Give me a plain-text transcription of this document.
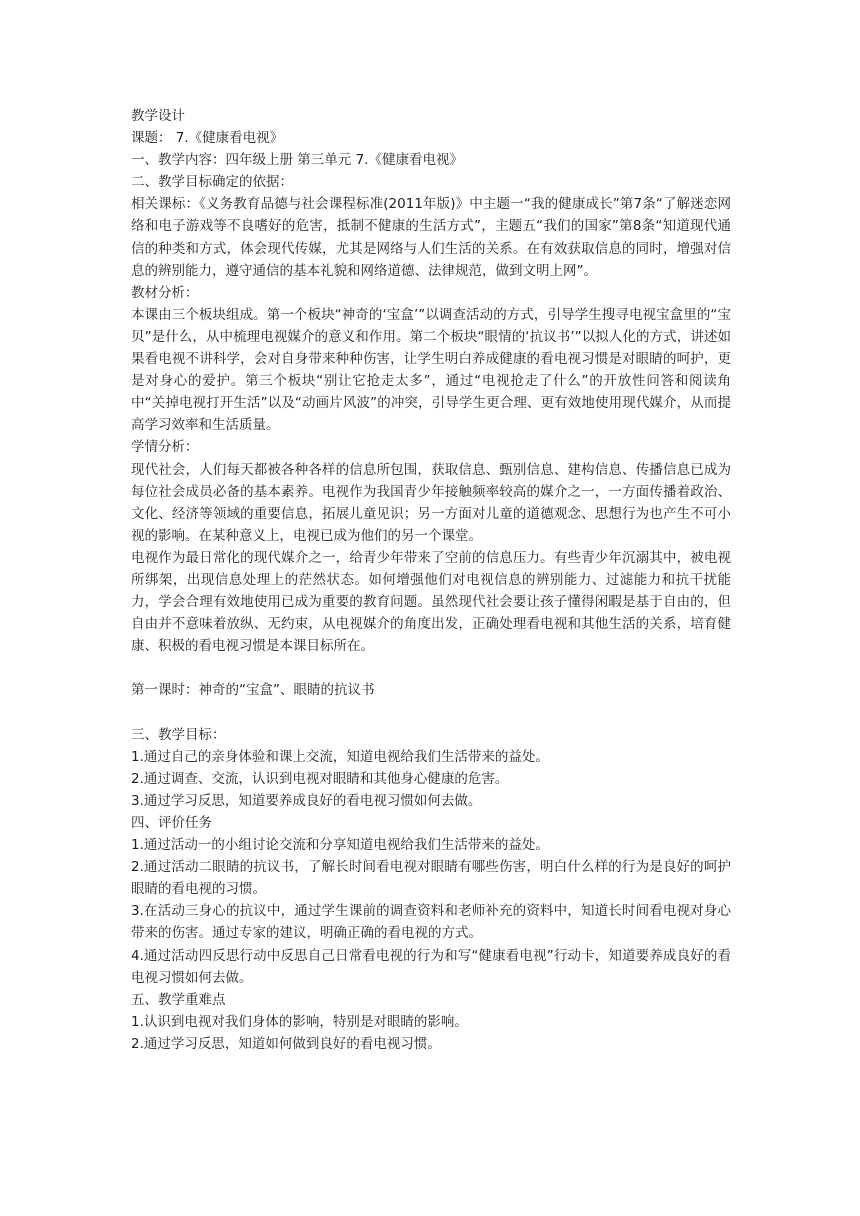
教学设计
课题： 7.《健康看电视》
一、教学内容：四年级上册 第三单元 7.《健康看电视》
二、教学目标确定的依据：
相关课标：《义务教育品德与社会课程标准(2011年版)》中主题一“我的健康成长”第7条“了解迷恋网络和电子游戏等不良嗜好的危害，抵制不健康的生活方式”，主题五“我们的国家”第8条“知道现代通信的种类和方式，体会现代传媒，尤其是网络与人们生活的关系。在有效获取信息的同时，增强对信息的辨别能力，遵守通信的基本礼貌和网络道德、法律规范，做到文明上网”。
教材分析：
本课由三个板块组成。第一个板块“神奇的‘宝盒’”以调查活动的方式，引导学生搜寻电视宝盒里的“宝贝”是什么，从中梳理电视媒介的意义和作用。第二个板块“眼情的‘抗议书’”以拟人化的方式，讲述如果看电视不讲科学，会对自身带来种种伤害，让学生明白养成健康的看电视习惯是对眼睛的呵护，更是对身心的爱护。第三个板块“别让它抢走太多”，通过“电视抢走了什么”的开放性问答和阅读角中“关掉电视打开生活”以及“动画片风波”的冲突，引导学生更合理、更有效地使用现代媒介，从而提高学习效率和生活质量。
学情分析：
现代社会，人们每天都被各种各样的信息所包围，获取信息、甄别信息、建构信息、传播信息已成为每位社会成员必备的基本素养。电视作为我国青少年接触频率较高的媒介之一，一方面传播着政治、文化、经济等领域的重要信息，拓展儿童见识；另一方面对儿童的道德观念、思想行为也产生不可小视的影响。在某种意义上，电视已成为他们的另一个课堂。
电视作为最日常化的现代媒介之一，给青少年带来了空前的信息压力。有些青少年沉溺其中，被电视所绑架，出现信息处理上的茫然状态。如何增强他们对电视信息的辨别能力、过滤能力和抗干扰能力，学会合理有效地使用已成为重要的教育问题。虽然现代社会要让孩子懂得闲暇是基于自由的，但自由并不意味着放纵、无约束，从电视媒介的角度出发，正确处理看电视和其他生活的关系，培育健康、积极的看电视习惯是本课目标所在。
第一课时：神奇的“宝盒”、眼睛的抗议书
三、教学目标：
1.通过自己的亲身体验和课上交流，知道电视给我们生活带来的益处。
2.通过调查、交流，认识到电视对眼睛和其他身心健康的危害。
3.通过学习反思，知道要养成良好的看电视习惯如何去做。
四、评价任务
1.通过活动一的小组讨论交流和分享知道电视给我们生活带来的益处。
2.通过活动二眼睛的抗议书，了解长时间看电视对眼睛有哪些伤害，明白什么样的行为是良好的呵护眼睛的看电视的习惯。
3.在活动三身心的抗议中，通过学生课前的调查资料和老师补充的资料中，知道长时间看电视对身心带来的伤害。通过专家的建议，明确正确的看电视的方式。
4.通过活动四反思行动中反思自己日常看电视的行为和写“健康看电视”行动卡，知道要养成良好的看电视习惯如何去做。
五、教学重难点
1.认识到电视对我们身体的影响，特别是对眼睛的影响。
2.通过学习反思，知道如何做到良好的看电视习惯。
